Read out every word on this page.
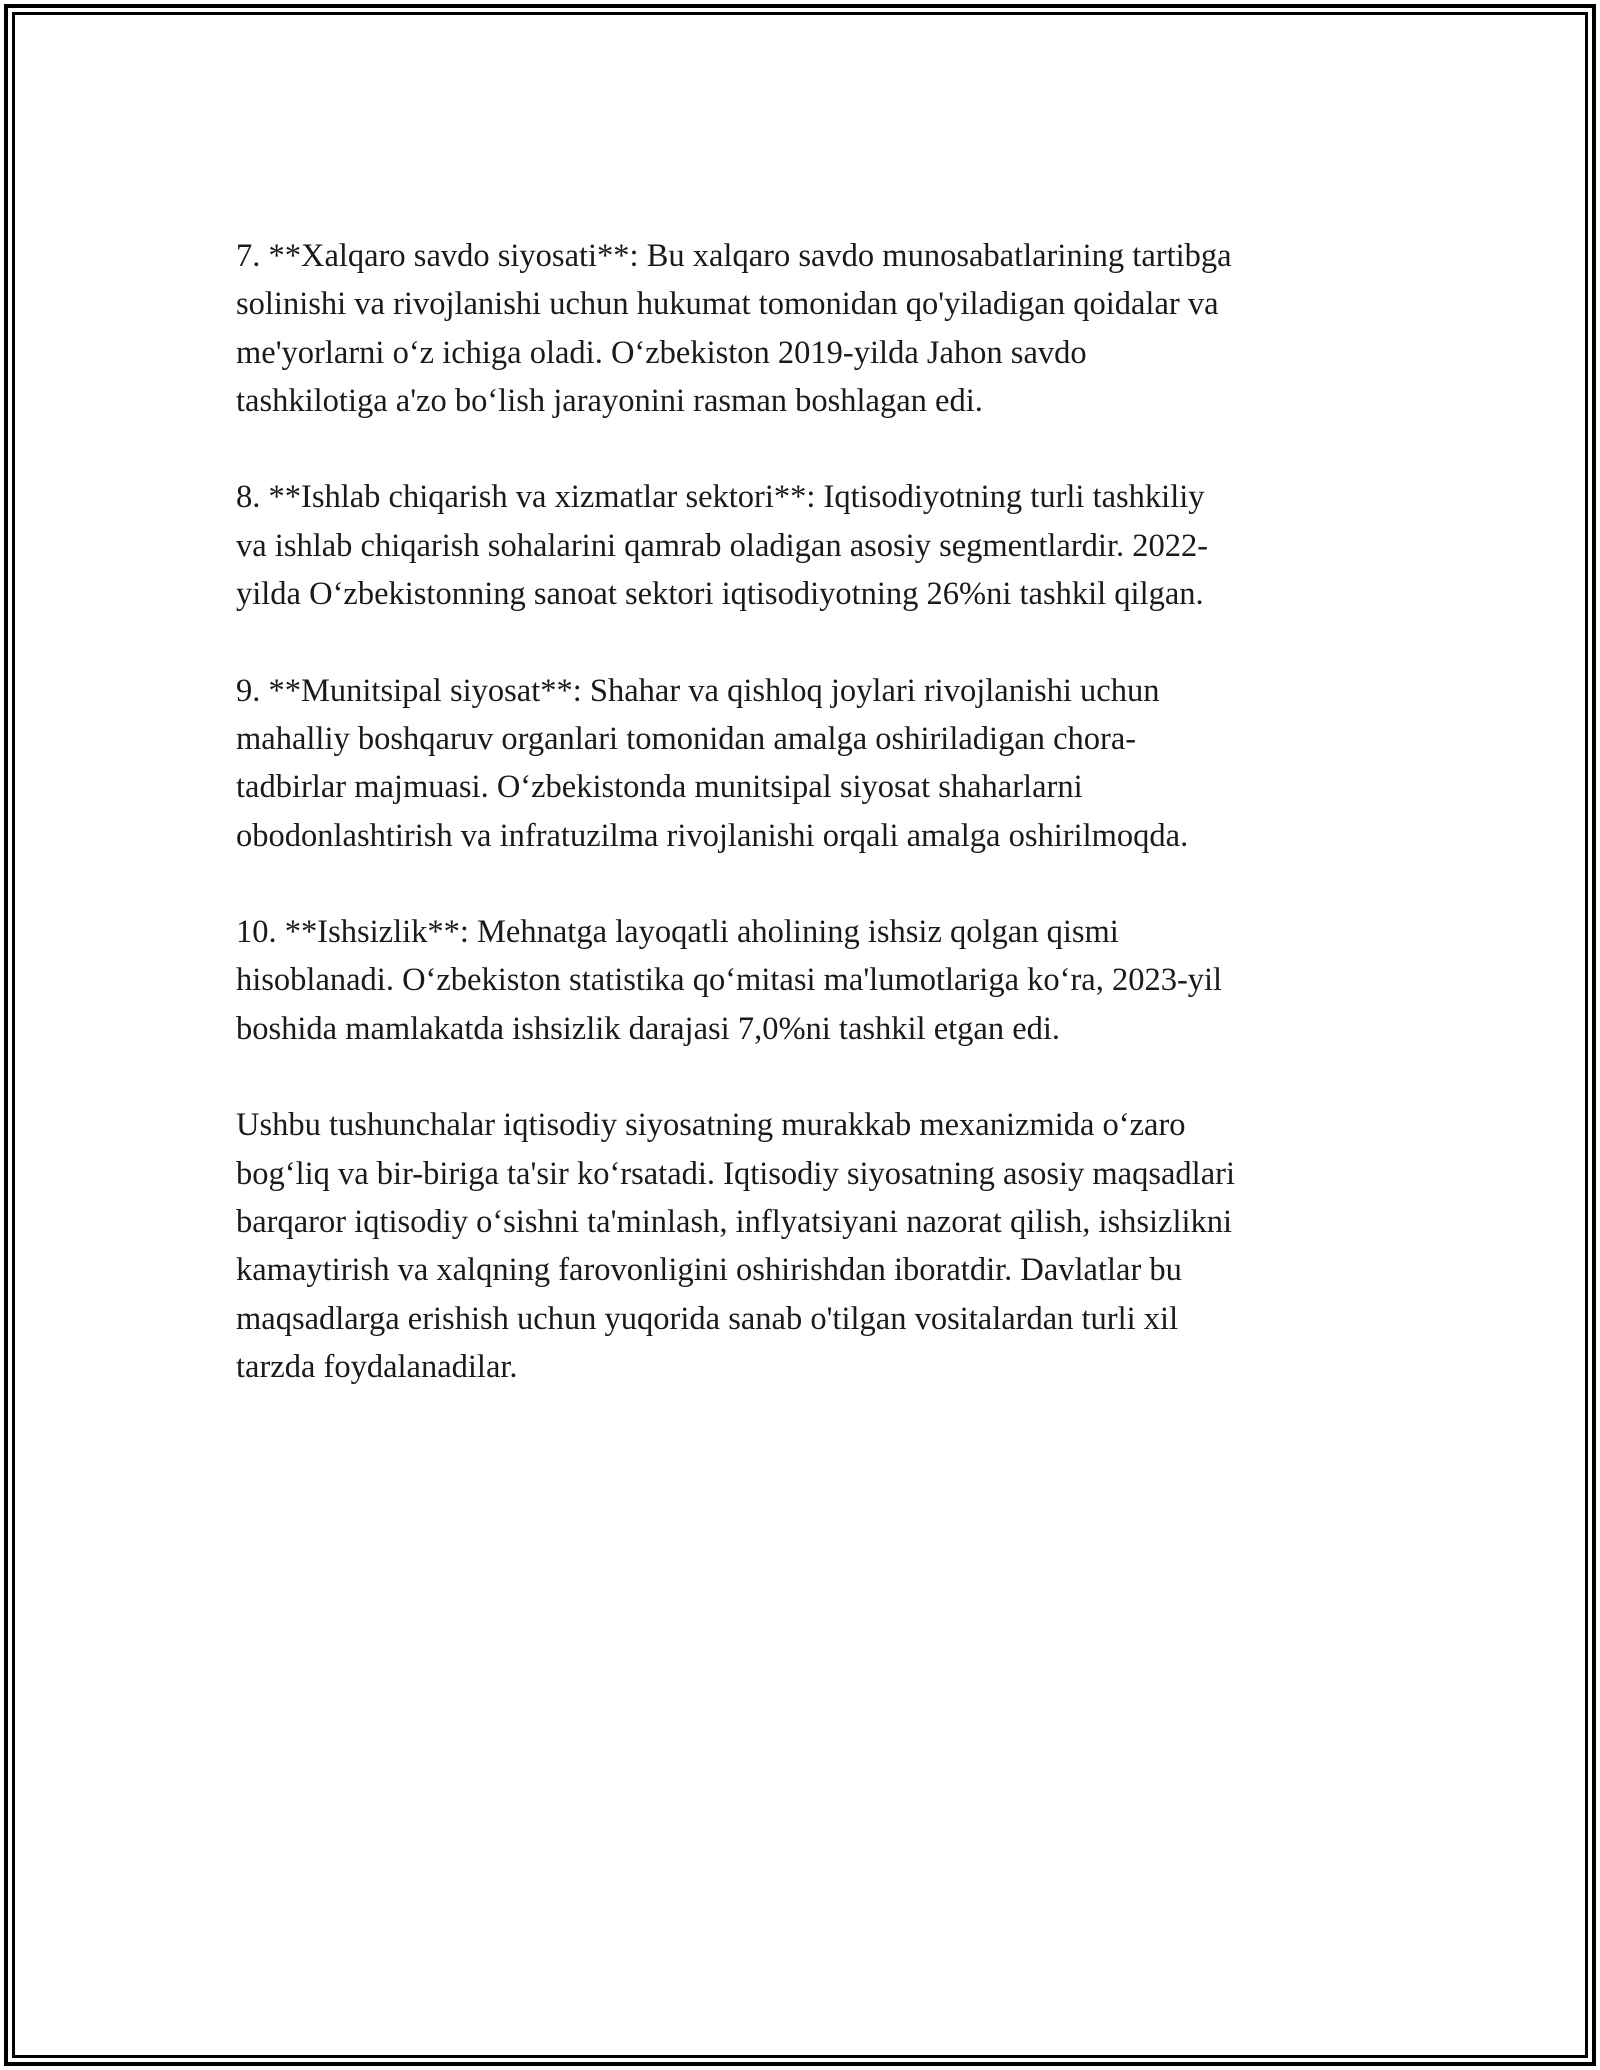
7. **Xalqaro savdo siyosati**: Bu xalqaro savdo munosabatlarining tartibga
solinishi va rivojlanishi uchun hukumat tomonidan qo'yiladigan qoidalar va
me'yorlarni o‘z ichiga oladi. O‘zbekiston 2019-yilda Jahon savdo
tashkilotiga a'zo bo‘lish jarayonini rasman boshlagan edi.

8. **Ishlab chiqarish va xizmatlar sektori**: Iqtisodiyotning turli tashkiliy
va ishlab chiqarish sohalarini qamrab oladigan asosiy segmentlardir. 2022-
yilda O‘zbekistonning sanoat sektori iqtisodiyotning 26%ni tashkil qilgan.

9. **Munitsipal siyosat**: Shahar va qishloq joylari rivojlanishi uchun
mahalliy boshqaruv organlari tomonidan amalga oshiriladigan chora-
tadbirlar majmuasi. O‘zbekistonda munitsipal siyosat shaharlarni
obodonlashtirish va infratuzilma rivojlanishi orqali amalga oshirilmoqda.

10. **Ishsizlik**: Mehnatga layoqatli aholining ishsiz qolgan qismi
hisoblanadi. O‘zbekiston statistika qo‘mitasi ma'lumotlariga ko‘ra, 2023-yil
boshida mamlakatda ishsizlik darajasi 7,0%ni tashkil etgan edi.

Ushbu tushunchalar iqtisodiy siyosatning murakkab mexanizmida o‘zaro
bog‘liq va bir-biriga ta'sir ko‘rsatadi. Iqtisodiy siyosatning asosiy maqsadlari
barqaror iqtisodiy o‘sishni ta'minlash, inflyatsiyani nazorat qilish, ishsizlikni
kamaytirish va xalqning farovonligini oshirishdan iboratdir. Davlatlar bu
maqsadlarga erishish uchun yuqorida sanab o'tilgan vositalardan turli xil
tarzda foydalanadilar.
